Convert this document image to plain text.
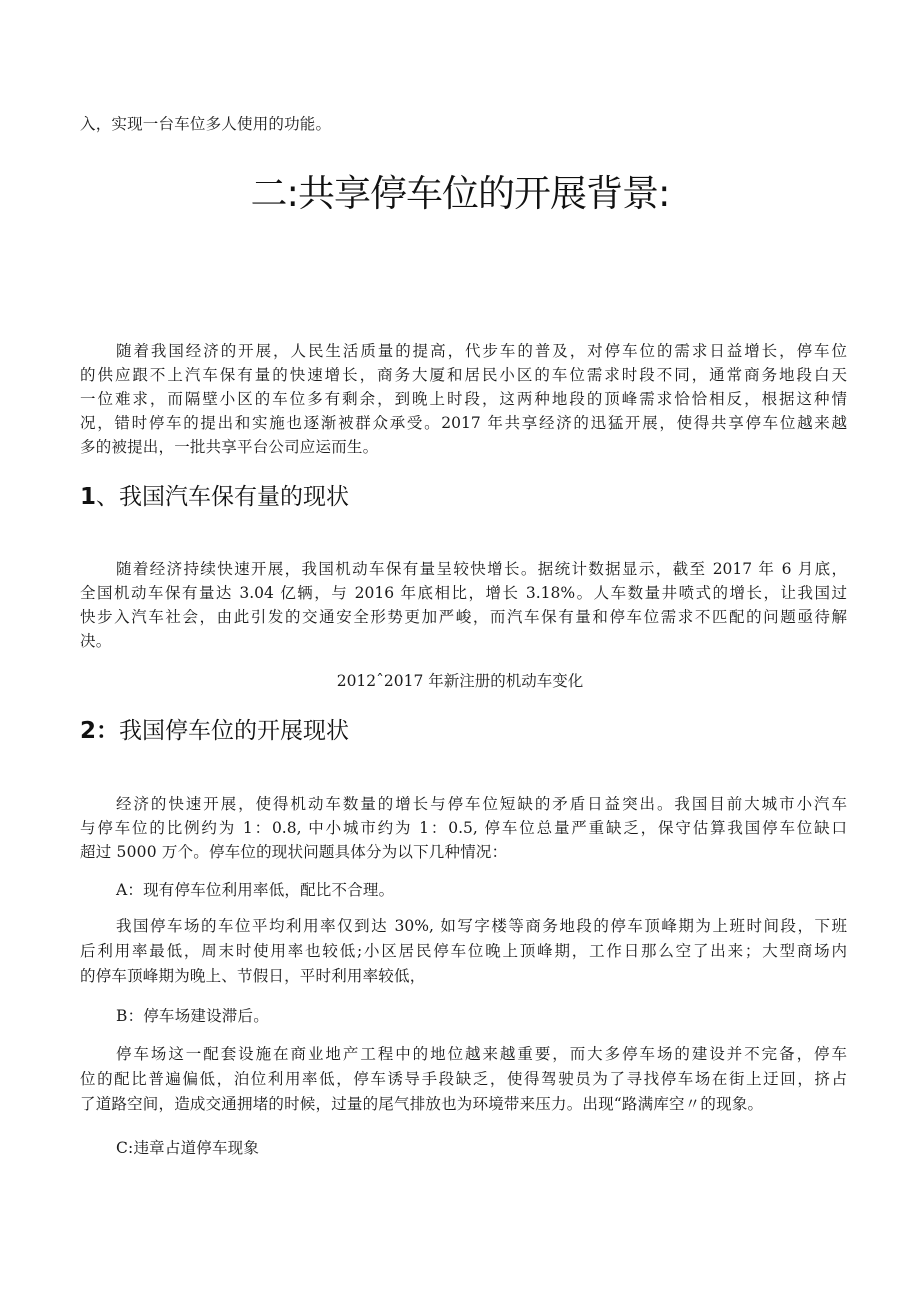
入，实现一台车位多人使用的功能。
二:共享停车位的开展背景:
随着我国经济的开展，人民生活质量的提高，代步车的普及，对停车位的需求日益增长，停车位
的供应跟不上汽车保有量的快速增长，商务大厦和居民小区的车位需求时段不同，通常商务地段白天
一位难求，而隔壁小区的车位多有剩余，到晚上时段，这两种地段的顶峰需求恰恰相反，根据这种情
况，错时停车的提出和实施也逐渐被群众承受。2017 年共享经济的迅猛开展，使得共享停车位越来越
多的被提出，一批共享平台公司应运而生。
1、我国汽车保有量的现状
随着经济持续快速开展，我国机动车保有量呈较快增长。据统计数据显示，截至 2017 年 6 月底，
全国机动车保有量达 3.04 亿辆，与 2016 年底相比，增长 3.18%。人车数量井喷式的增长，让我国过
快步入汽车社会，由此引发的交通安全形势更加严峻，而汽车保有量和停车位需求不匹配的问题亟待解
决。
2012ˆ2017 年新注册的机动车变化
2：我国停车位的开展现状
经济的快速开展，使得机动车数量的增长与停车位短缺的矛盾日益突出。我国目前大城市小汽车
与停车位的比例约为 1：0.8, 中小城市约为 1：0.5, 停车位总量严重缺乏，保守估算我国停车位缺口
超过 5000 万个。停车位的现状问题具体分为以下几种情况：
A：现有停车位利用率低，配比不合理。
我国停车场的车位平均利用率仅到达 30%, 如写字楼等商务地段的停车顶峰期为上班时间段，下班
后利用率最低，周末时使用率也较低;小区居民停车位晚上顶峰期，工作日那么空了出来；大型商场内
的停车顶峰期为晚上、节假日，平时利用率较低，
B：停车场建设滞后。
停车场这一配套设施在商业地产工程中的地位越来越重要，而大多停车场的建设并不完备，停车
位的配比普遍偏低，泊位利用率低，停车诱导手段缺乏，使得驾驶员为了寻找停车场在街上迂回，挤占
了道路空间，造成交通拥堵的时候，过量的尾气排放也为环境带来压力。出现“路满库空〃的现象。
C:违章占道停车现象
